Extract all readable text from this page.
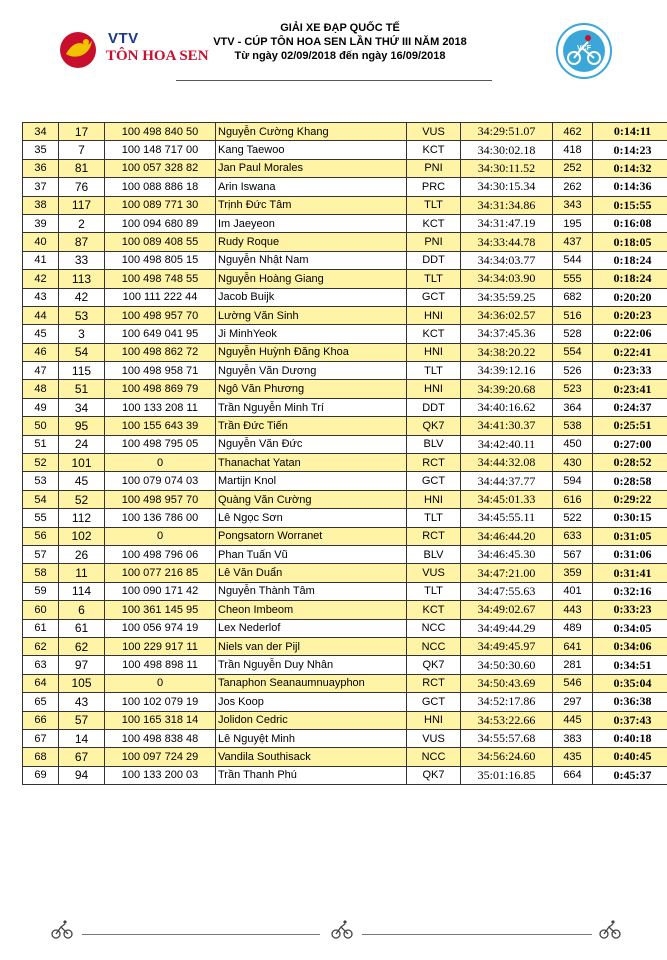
VTV
TÔN HOA SEN
GIẢI XE ĐẠP QUỐC TẾ
VTV - CÚP TÔN HOA SEN LẦN THỨ III NĂM 2018
Từ ngày 02/09/2018 đến ngày 16/09/2018
VCF
34	17	100 498 840 50	Nguyễn Cường Khang	VUS	34:29:51.07	462	0:14:11
35	7	100 148 717 00	Kang Taewoo	KCT	34:30:02.18	418	0:14:23
36	81	100 057 328 82	Jan Paul Morales	PNI	34:30:11.52	252	0:14:32
37	76	100 088 886 18	Arin Iswana	PRC	34:30:15.34	262	0:14:36
38	117	100 089 771 30	Trịnh Đức Tâm	TLT	34:31:34.86	343	0:15:55
39	2	100 094 680 89	Im Jaeyeon	KCT	34:31:47.19	195	0:16:08
40	87	100 089 408 55	Rudy Roque	PNI	34:33:44.78	437	0:18:05
41	33	100 498 805 15	Nguyễn Nhật Nam	DDT	34:34:03.77	544	0:18:24
42	113	100 498 748 55	Nguyễn Hoàng Giang	TLT	34:34:03.90	555	0:18:24
43	42	100 111 222 44	Jacob Buijk	GCT	34:35:59.25	682	0:20:20
44	53	100 498 957 70	Lường Văn Sinh	HNI	34:36:02.57	516	0:20:23
45	3	100 649 041 95	Ji MinhYeok	KCT	34:37:45.36	528	0:22:06
46	54	100 498 862 72	Nguyễn Huỳnh Đăng Khoa	HNI	34:38:20.22	554	0:22:41
47	115	100 498 958 71	Nguyễn Văn Dương	TLT	34:39:12.16	526	0:23:33
48	51	100 498 869 79	Ngô Văn Phương	HNI	34:39:20.68	523	0:23:41
49	34	100 133 208 11	Trần Nguyễn Minh Trí	DDT	34:40:16.62	364	0:24:37
50	95	100 155 643 39	Trần Đức Tiến	QK7	34:41:30.37	538	0:25:51
51	24	100 498 795 05	Nguyễn Văn Đức	BLV	34:42:40.11	450	0:27:00
52	101	0	Thanachat Yatan	RCT	34:44:32.08	430	0:28:52
53	45	100 079 074 03	Martijn Knol	GCT	34:44:37.77	594	0:28:58
54	52	100 498 957 70	Quàng Văn Cường	HNI	34:45:01.33	616	0:29:22
55	112	100 136 786 00	Lê Ngọc Sơn	TLT	34:45:55.11	522	0:30:15
56	102	0	Pongsatorn Worranet	RCT	34:46:44.20	633	0:31:05
57	26	100 498 796 06	Phan Tuấn Vũ	BLV	34:46:45.30	567	0:31:06
58	11	100 077 216 85	Lê Văn Duẩn	VUS	34:47:21.00	359	0:31:41
59	114	100 090 171 42	Nguyễn Thành Tâm	TLT	34:47:55.63	401	0:32:16
60	6	100 361 145 95	Cheon Imbeom	KCT	34:49:02.67	443	0:33:23
61	61	100 056 974 19	Lex Nederlof	NCC	34:49:44.29	489	0:34:05
62	62	100 229 917 11	Niels van der Pijl	NCC	34:49:45.97	641	0:34:06
63	97	100 498 898 11	Trần Nguyễn Duy Nhân	QK7	34:50:30.60	281	0:34:51
64	105	0	Tanaphon Seanaumnuayphon	RCT	34:50:43.69	546	0:35:04
65	43	100 102 079 19	Jos Koop	GCT	34:52:17.86	297	0:36:38
66	57	100 165 318 14	Jolidon Cedric	HNI	34:53:22.66	445	0:37:43
67	14	100 498 838 48	Lê Nguyệt Minh	VUS	34:55:57.68	383	0:40:18
68	67	100 097 724 29	Vandila Southisack	NCC	34:56:24.60	435	0:40:45
69	94	100 133 200 03	Trần Thanh Phú	QK7	35:01:16.85	664	0:45:37
